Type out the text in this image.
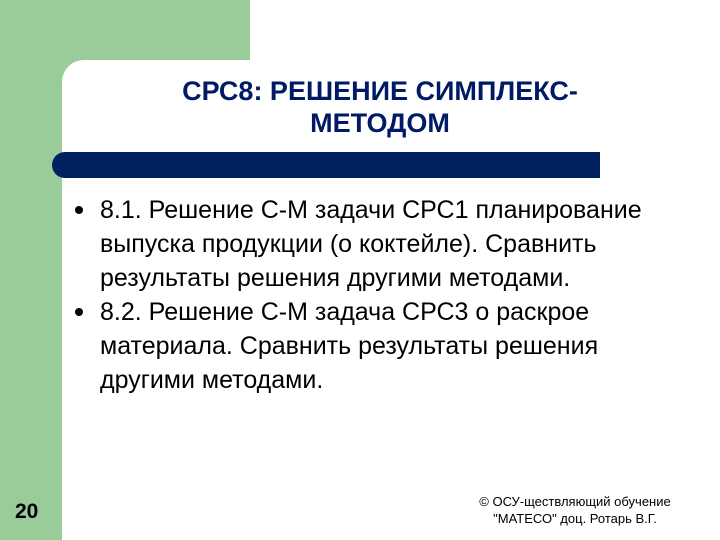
СРС8: РЕШЕНИЕ СИМПЛЕКС-
МЕТОДОМ
8.1. Решение С-М задачи СРС1 планирование выпуска продукции (о коктейле). Сравнить результаты решения другими методами.
8.2. Решение С-М задача СРС3 о раскрое материала. Сравнить результаты решения другими методами.
20	© ОСУ-ществляющий обучение
"МАТЕСО" доц. Ротарь В.Г.
